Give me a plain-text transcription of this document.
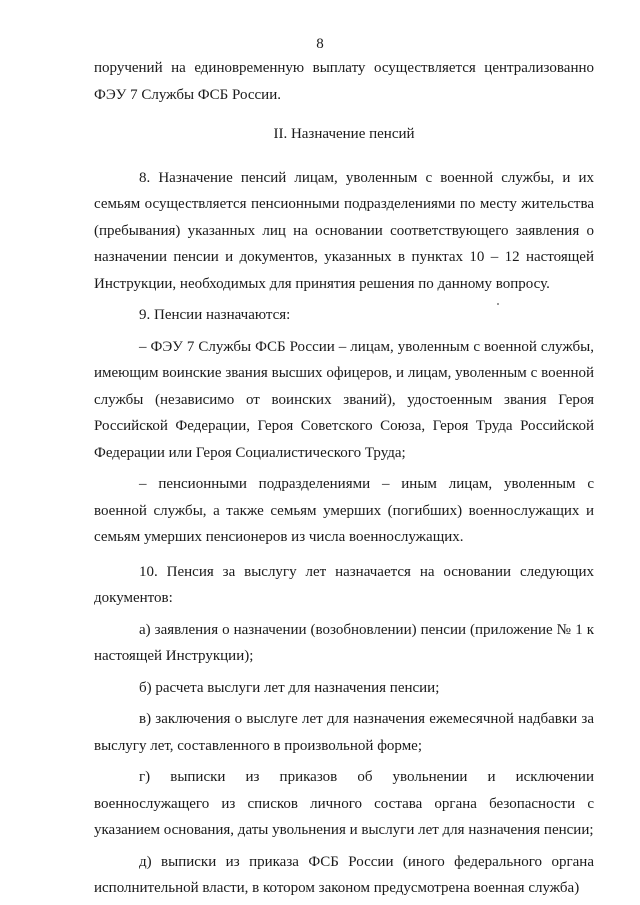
8

поручений на единовременную выплату осуществляется централизованно ФЭУ 7 Службы ФСБ России.

II. Назначение пенсий

8. Назначение пенсий лицам, уволенным с военной службы, и их семьям осуществляется пенсионными подразделениями по месту жительства (пребывания) указанных лиц на основании соответствующего заявления о назначении пенсии и документов, указанных в пунктах 10 – 12 настоящей Инструкции, необходимых для принятия решения по данному вопросу.

9. Пенсии назначаются:

– ФЭУ 7 Службы ФСБ России – лицам, уволенным с военной службы, имеющим воинские звания высших офицеров, и лицам, уволенным с военной службы (независимо от воинских званий), удостоенным звания Героя Российской Федерации, Героя Советского Союза, Героя Труда Российской Федерации или Героя Социалистического Труда;

– пенсионными подразделениями – иным лицам, уволенным с военной службы, а также семьям умерших (погибших) военнослужащих и семьям умерших пенсионеров из числа военнослужащих.

10. Пенсия за выслугу лет назначается на основании следующих документов:

а) заявления о назначении (возобновлении) пенсии (приложение № 1 к настоящей Инструкции);

б) расчета выслуги лет для назначения пенсии;

в) заключения о выслуге лет для назначения ежемесячной надбавки за выслугу лет, составленного в произвольной форме;

г) выписки из приказов об увольнении и исключении военнослужащего из списков личного состава органа безопасности с указанием основания, даты увольнения и выслуги лет для назначения пенсии;

д) выписки из приказа ФСБ России (иного федерального органа исполнительной власти, в котором законом предусмотрена военная служба)
